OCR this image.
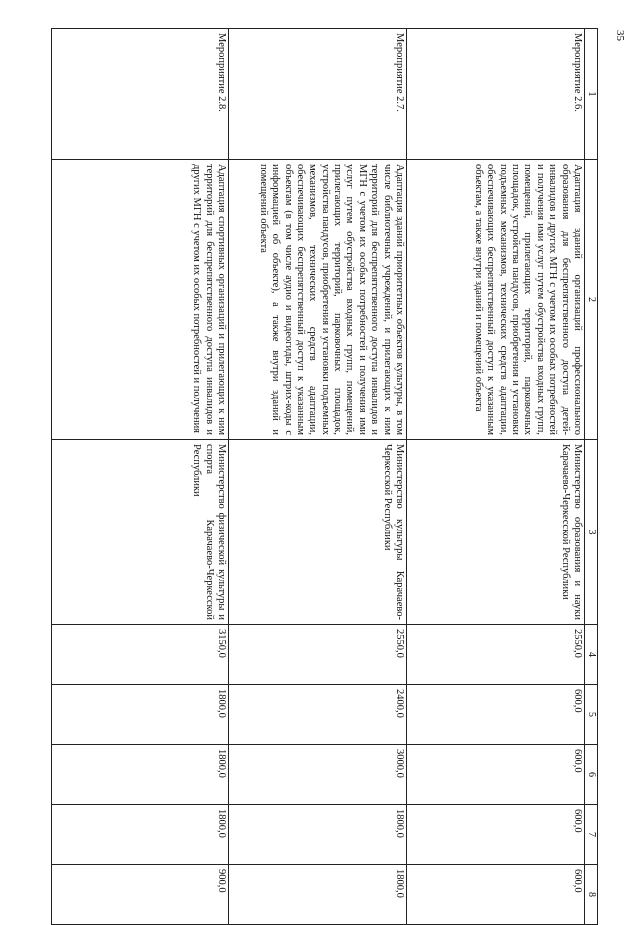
35
1	2	3	4	5	6	7	8
Мероприятие 2.6.	Адаптация зданий организаций профессионального образования для беспрепятственного доступа детей-инвалидов и других МГН с учетом их особых потребностей и получения ими услуг путем обустройства входных групп, помещений, прилегающих территорий, парковочных площадок, устройства пандусов, приобретения и установки подъемных механизмов, технических средств адаптации, обеспечивающих беспрепятственный доступ к указанным объектам, а также внутри зданий и помещений объекта	Министерство образования и науки Карачаево-Черкесской Республики	2550,0	600,0	600,0	600,0	600,0
Мероприятие 2.7.	Адаптация зданий приоритетных объектов культуры, в том числе библиотечных учреждений, и прилегающих к ним территорий для беспрепятственного доступа инвалидов и МГН с учетом их особых потребностей и получения ими услуг путем обустройства входных групп, помещений, прилегающих территорий, парковочных площадок, устройства пандусов, приобретения и установки подъемных механизмов, технических средств адаптации, обеспечивающих беспрепятственный доступ к указанным объектам (в том числе аудио и видеогиды, штрих-коды с информацией об объекте), а также внутри зданий и помещений объекта	Министерство культуры Карачаево-Черкесской Республики	2550,0	2400,0	3000,0	1800,0	1800,0
Мероприятие 2.8.	Адаптация спортивных организаций и прилегающих к ним территорий для беспрепятственного доступа инвалидов и других МГН с учетом их особых потребностей и получения	Министерство физической культуры и спорта Карачаево-Черкесской Республики	3150,0	1800,0	1800,0	1800,0	900,0
